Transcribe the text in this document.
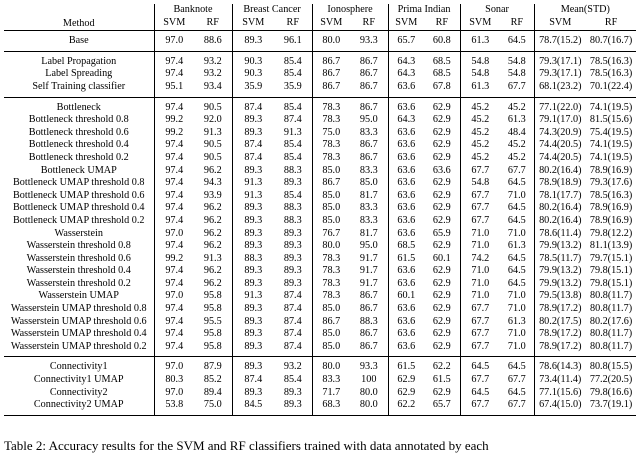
Method	Banknote		Breast Cancer		Ionosphere		Prima Indian		Sonar		Mean(STD)	
	SVM	RF	SVM	RF	SVM	RF	SVM	RF	SVM	RF	SVM	RF
Base	97.0	88.6	89.3	96.1	80.0	93.3	65.7	60.8	61.3	64.5	78.7(15.2)	80.7(16.7)
Label Propagation	97.4	93.2	90.3	85.4	86.7	86.7	64.3	68.5	54.8	54.8	79.3(17.1)	78.5(16.3)
Label Spreading	97.4	93.2	90.3	85.4	86.7	86.7	64.3	68.5	54.8	54.8	79.3(17.1)	78.5(16.3)
Self Training classifier	95.1	93.4	35.9	35.9	86.7	86.7	63.6	67.8	61.3	67.7	68.1(23.2)	70.1(22.4)
Bottleneck	97.4	90.5	87.4	85.4	78.3	86.7	63.6	62.9	45.2	45.2	77.1(22.0)	74.1(19.5)
Bottleneck threshold 0.8	99.2	92.0	89.3	87.4	78.3	95.0	64.3	62.9	45.2	61.3	79.1(17.0)	81.5(15.6)
Bottleneck threshold 0.6	99.2	91.3	89.3	91.3	75.0	83.3	63.6	62.9	45.2	48.4	74.3(20.9)	75.4(19.5)
Bottleneck threshold 0.4	97.4	90.5	87.4	85.4	78.3	86.7	63.6	62.9	45.2	45.2	74.4(20.5)	74.1(19.5)
Bottleneck threshold 0.2	97.4	90.5	87.4	85.4	78.3	86.7	63.6	62.9	45.2	45.2	74.4(20.5)	74.1(19.5)
Bottleneck UMAP	97.4	96.2	89.3	88.3	85.0	83.3	63.6	63.6	67.7	67.7	80.2(16.4)	78.9(16.9)
Bottleneck UMAP threshold 0.8	97.4	94.3	91.3	89.3	86.7	85.0	63.6	62.9	54.8	64.5	78.9(18.9)	79.3(17.6)
Bottleneck UMAP threshold 0.6	97.4	93.9	91.3	85.4	85.0	81.7	63.6	62.9	67.7	71.0	78.1(17.7)	78.5(16.3)
Bottleneck UMAP threshold 0.4	97.4	96.2	89.3	88.3	85.0	83.3	63.6	62.9	67.7	64.5	80.2(16.4)	78.9(16.9)
Bottleneck UMAP threshold 0.2	97.4	96.2	89.3	88.3	85.0	83.3	63.6	62.9	67.7	64.5	80.2(16.4)	78.9(16.9)
Wasserstein	97.0	96.2	89.3	89.3	76.7	81.7	63.6	65.9	71.0	71.0	78.6(11.4)	79.8(12.2)
Wasserstein threshold 0.8	97.4	96.2	89.3	89.3	80.0	95.0	68.5	62.9	71.0	61.3	79.9(13.2)	81.1(13.9)
Wasserstein threshold 0.6	99.2	91.3	88.3	89.3	78.3	91.7	61.5	60.1	74.2	64.5	78.5(11.7)	79.7(15.1)
Wasserstein threshold 0.4	97.4	96.2	89.3	89.3	78.3	91.7	63.6	62.9	71.0	64.5	79.9(13.2)	79.8(15.1)
Wasserstein threshold 0.2	97.4	96.2	89.3	89.3	78.3	91.7	63.6	62.9	71.0	64.5	79.9(13.2)	79.8(15.1)
Wasserstein UMAP	97.0	95.8	91.3	87.4	78.3	86.7	60.1	62.9	71.0	71.0	79.5(13.8)	80.8(11.7)
Wasserstein UMAP threshold 0.8	97.4	95.8	89.3	87.4	85.0	86.7	63.6	62.9	67.7	71.0	78.9(17.2)	80.8(11.7)
Wasserstein UMAP threshold 0.6	97.4	95.5	89.3	87.4	86.7	88.3	63.6	62.9	67.7	61.3	80.2(17.5)	80.2(17.6)
Wasserstein UMAP threshold 0.4	97.4	95.8	89.3	87.4	85.0	86.7	63.6	62.9	67.7	71.0	78.9(17.2)	80.8(11.7)
Wasserstein UMAP threshold 0.2	97.4	95.8	89.3	87.4	85.0	86.7	63.6	62.9	67.7	71.0	78.9(17.2)	80.8(11.7)
Connectivity1	97.0	87.9	89.3	93.2	80.0	93.3	61.5	62.2	64.5	64.5	78.6(14.3)	80.8(15.5)
Connectivity1 UMAP	80.3	85.2	87.4	85.4	83.3	100	62.9	61.5	67.7	67.7	73.4(11.4)	77.2(20.5)
Connectivity2	97.0	89.4	89.3	89.3	71.7	80.0	62.9	62.9	64.5	64.5	77.1(15.6)	79.8(16.6)
Connectivity2 UMAP	53.8	75.0	84.5	89.3	68.3	80.0	62.2	65.7	67.7	67.7	67.4(15.0)	73.7(19.1)
Table 2: Accuracy results for the SVM and RF classifiers trained with data annotated by each
